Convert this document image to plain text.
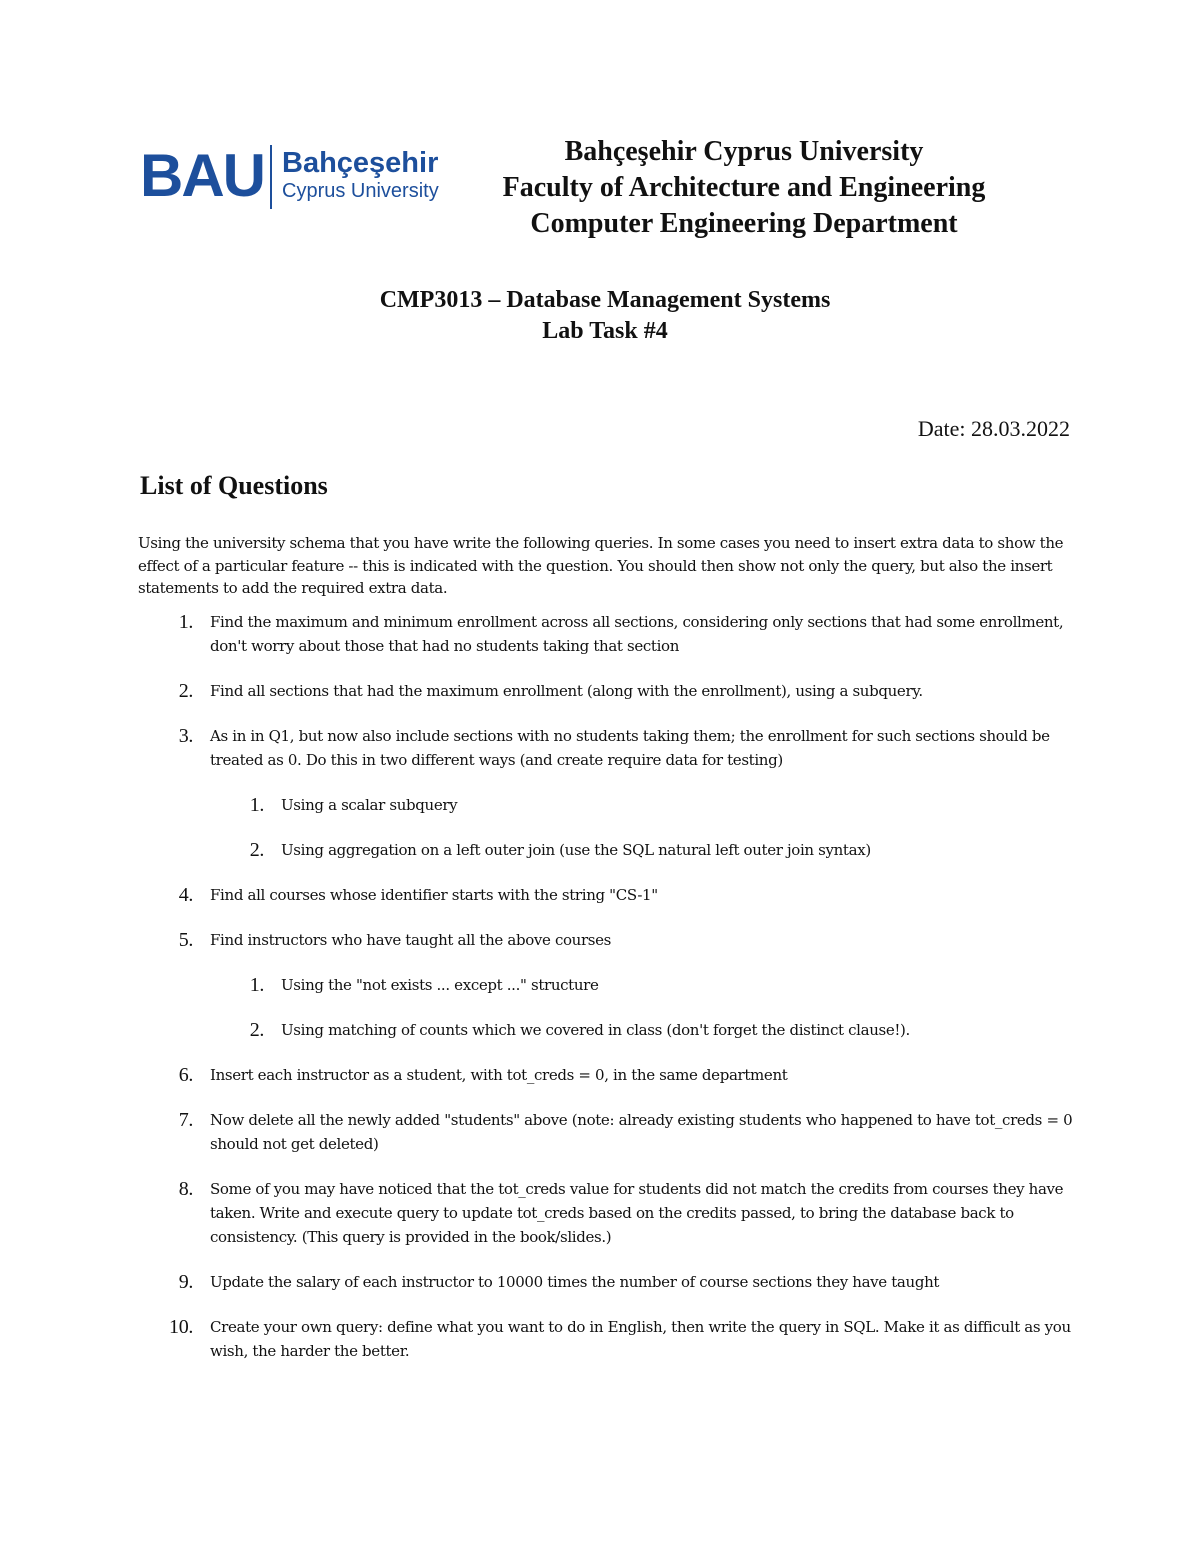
BAU Bahçeşehir
Cyprus University
Bahçeşehir Cyprus University
Faculty of Architecture and Engineering
Computer Engineering Department
CMP3013 – Database Management Systems
Lab Task #4
Date: 28.03.2022
List of Questions
Using the university schema that you have write the following queries. In some cases you need to insert extra data to show the effect of a particular feature -- this is indicated with the question. You should then show not only the query, but also the insert statements to add the required extra data.
1. Find the maximum and minimum enrollment across all sections, considering only sections that had some enrollment, don't worry about those that had no students taking that section
2. Find all sections that had the maximum enrollment (along with the enrollment), using a subquery.
3. As in in Q1, but now also include sections with no students taking them; the enrollment for such sections should be treated as 0. Do this in two different ways (and create require data for testing)
1. Using a scalar subquery
2. Using aggregation on a left outer join (use the SQL natural left outer join syntax)
4. Find all courses whose identifier starts with the string "CS-1"
5. Find instructors who have taught all the above courses
1. Using the "not exists ... except ..." structure
2. Using matching of counts which we covered in class (don't forget the distinct clause!).
6. Insert each instructor as a student, with tot_creds = 0, in the same department
7. Now delete all the newly added "students" above (note: already existing students who happened to have tot_creds = 0 should not get deleted)
8. Some of you may have noticed that the tot_creds value for students did not match the credits from courses they have taken. Write and execute query to update tot_creds based on the credits passed, to bring the database back to consistency. (This query is provided in the book/slides.)
9. Update the salary of each instructor to 10000 times the number of course sections they have taught
10. Create your own query: define what you want to do in English, then write the query in SQL. Make it as difficult as you wish, the harder the better.
